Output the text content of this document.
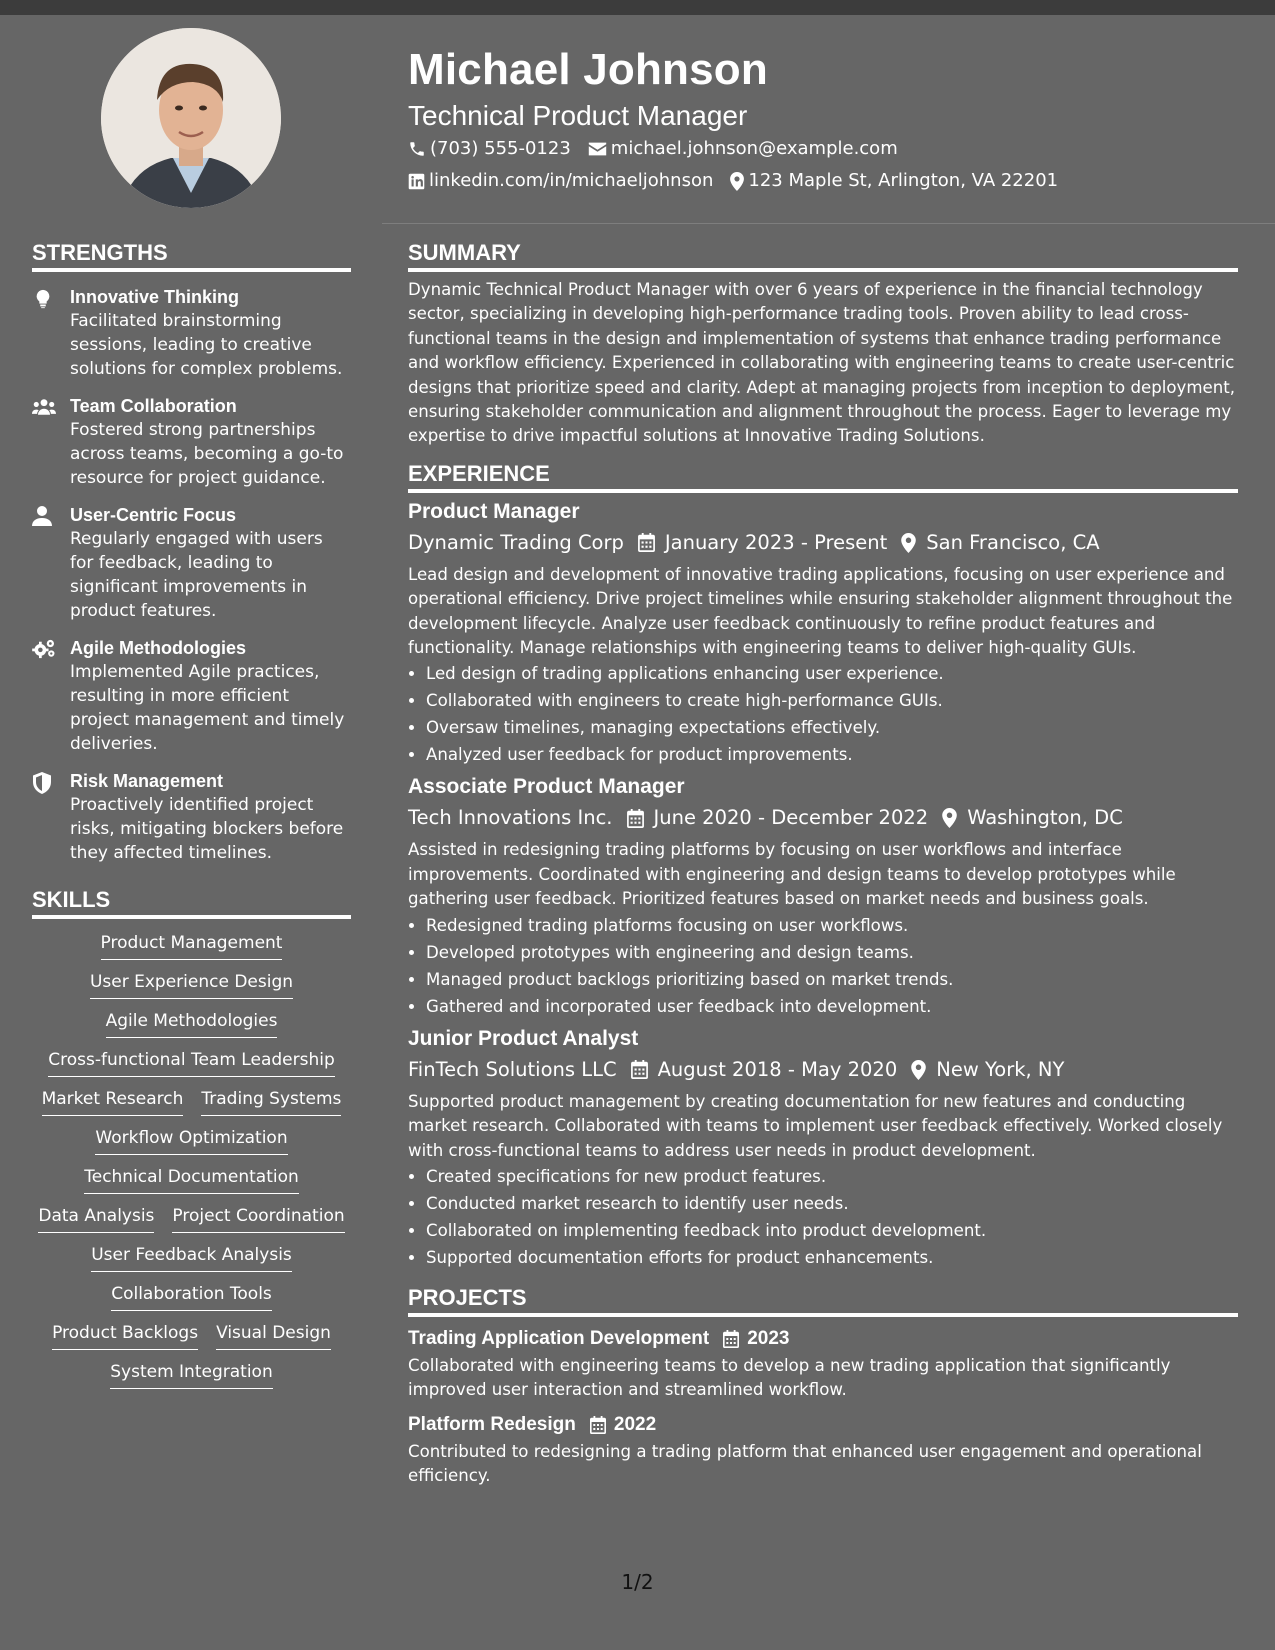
Michael Johnson
Technical Product Manager
(703) 555-0123 michael.johnson@example.com
linkedin.com/in/michaeljohnson 123 Maple St, Arlington, VA 22201
STRENGTHS
Innovative Thinking
Facilitated brainstorming sessions, leading to creative solutions for complex problems.
Team Collaboration
Fostered strong partnerships across teams, becoming a go-to resource for project guidance.
User-Centric Focus
Regularly engaged with users for feedback, leading to significant improvements in product features.
Agile Methodologies
Implemented Agile practices, resulting in more efficient project management and timely deliveries.
Risk Management
Proactively identified project risks, mitigating blockers before they affected timelines.
SKILLS
Product Management
User Experience Design
Agile Methodologies
Cross-functional Team Leadership
Market Research Trading Systems
Workflow Optimization
Technical Documentation
Data Analysis Project Coordination
User Feedback Analysis
Collaboration Tools
Product Backlogs Visual Design
System Integration
SUMMARY

Dynamic Technical Product Manager with over 6 years of experience in the financial technology sector, specializing in developing high-performance trading tools. Proven ability to lead cross-functional teams in the design and implementation of systems that enhance trading performance and workflow efficiency. Experienced in collaborating with engineering teams to create user-centric designs that prioritize speed and clarity. Adept at managing projects from inception to deployment, ensuring stakeholder communication and alignment throughout the process. Eager to leverage my expertise to drive impactful solutions at Innovative Trading Solutions.

EXPERIENCE
Product Manager
Dynamic Trading Corp January 2023 - Present San Francisco, CA

Lead design and development of innovative trading applications, focusing on user experience and operational efficiency. Drive project timelines while ensuring stakeholder alignment throughout the development lifecycle. Analyze user feedback continuously to refine product features and functionality. Manage relationships with engineering teams to deliver high-quality GUIs.

• Led design of trading applications enhancing user experience.
• Collaborated with engineers to create high-performance GUIs.
• Oversaw timelines, managing expectations effectively.
• Analyzed user feedback for product improvements.
Associate Product Manager
Tech Innovations Inc. June 2020 - December 2022 Washington, DC

Assisted in redesigning trading platforms by focusing on user workflows and interface improvements. Coordinated with engineering and design teams to develop prototypes while gathering user feedback. Prioritized features based on market needs and business goals.

• Redesigned trading platforms focusing on user workflows.
• Developed prototypes with engineering and design teams.
• Managed product backlogs prioritizing based on market trends.
• Gathered and incorporated user feedback into development.
Junior Product Analyst
FinTech Solutions LLC August 2018 - May 2020 New York, NY

Supported product management by creating documentation for new features and conducting market research. Collaborated with teams to implement user feedback effectively. Worked closely with cross-functional teams to address user needs in product development.

• Created specifications for new product features.
• Conducted market research to identify user needs.
• Collaborated on implementing feedback into product development.
• Supported documentation efforts for product enhancements.
PROJECTS
Trading Application Development 2023

Collaborated with engineering teams to develop a new trading application that significantly improved user interaction and streamlined workflow.

Platform Redesign 2022

Contributed to redesigning a trading platform that enhanced user engagement and operational efficiency.

1/2
